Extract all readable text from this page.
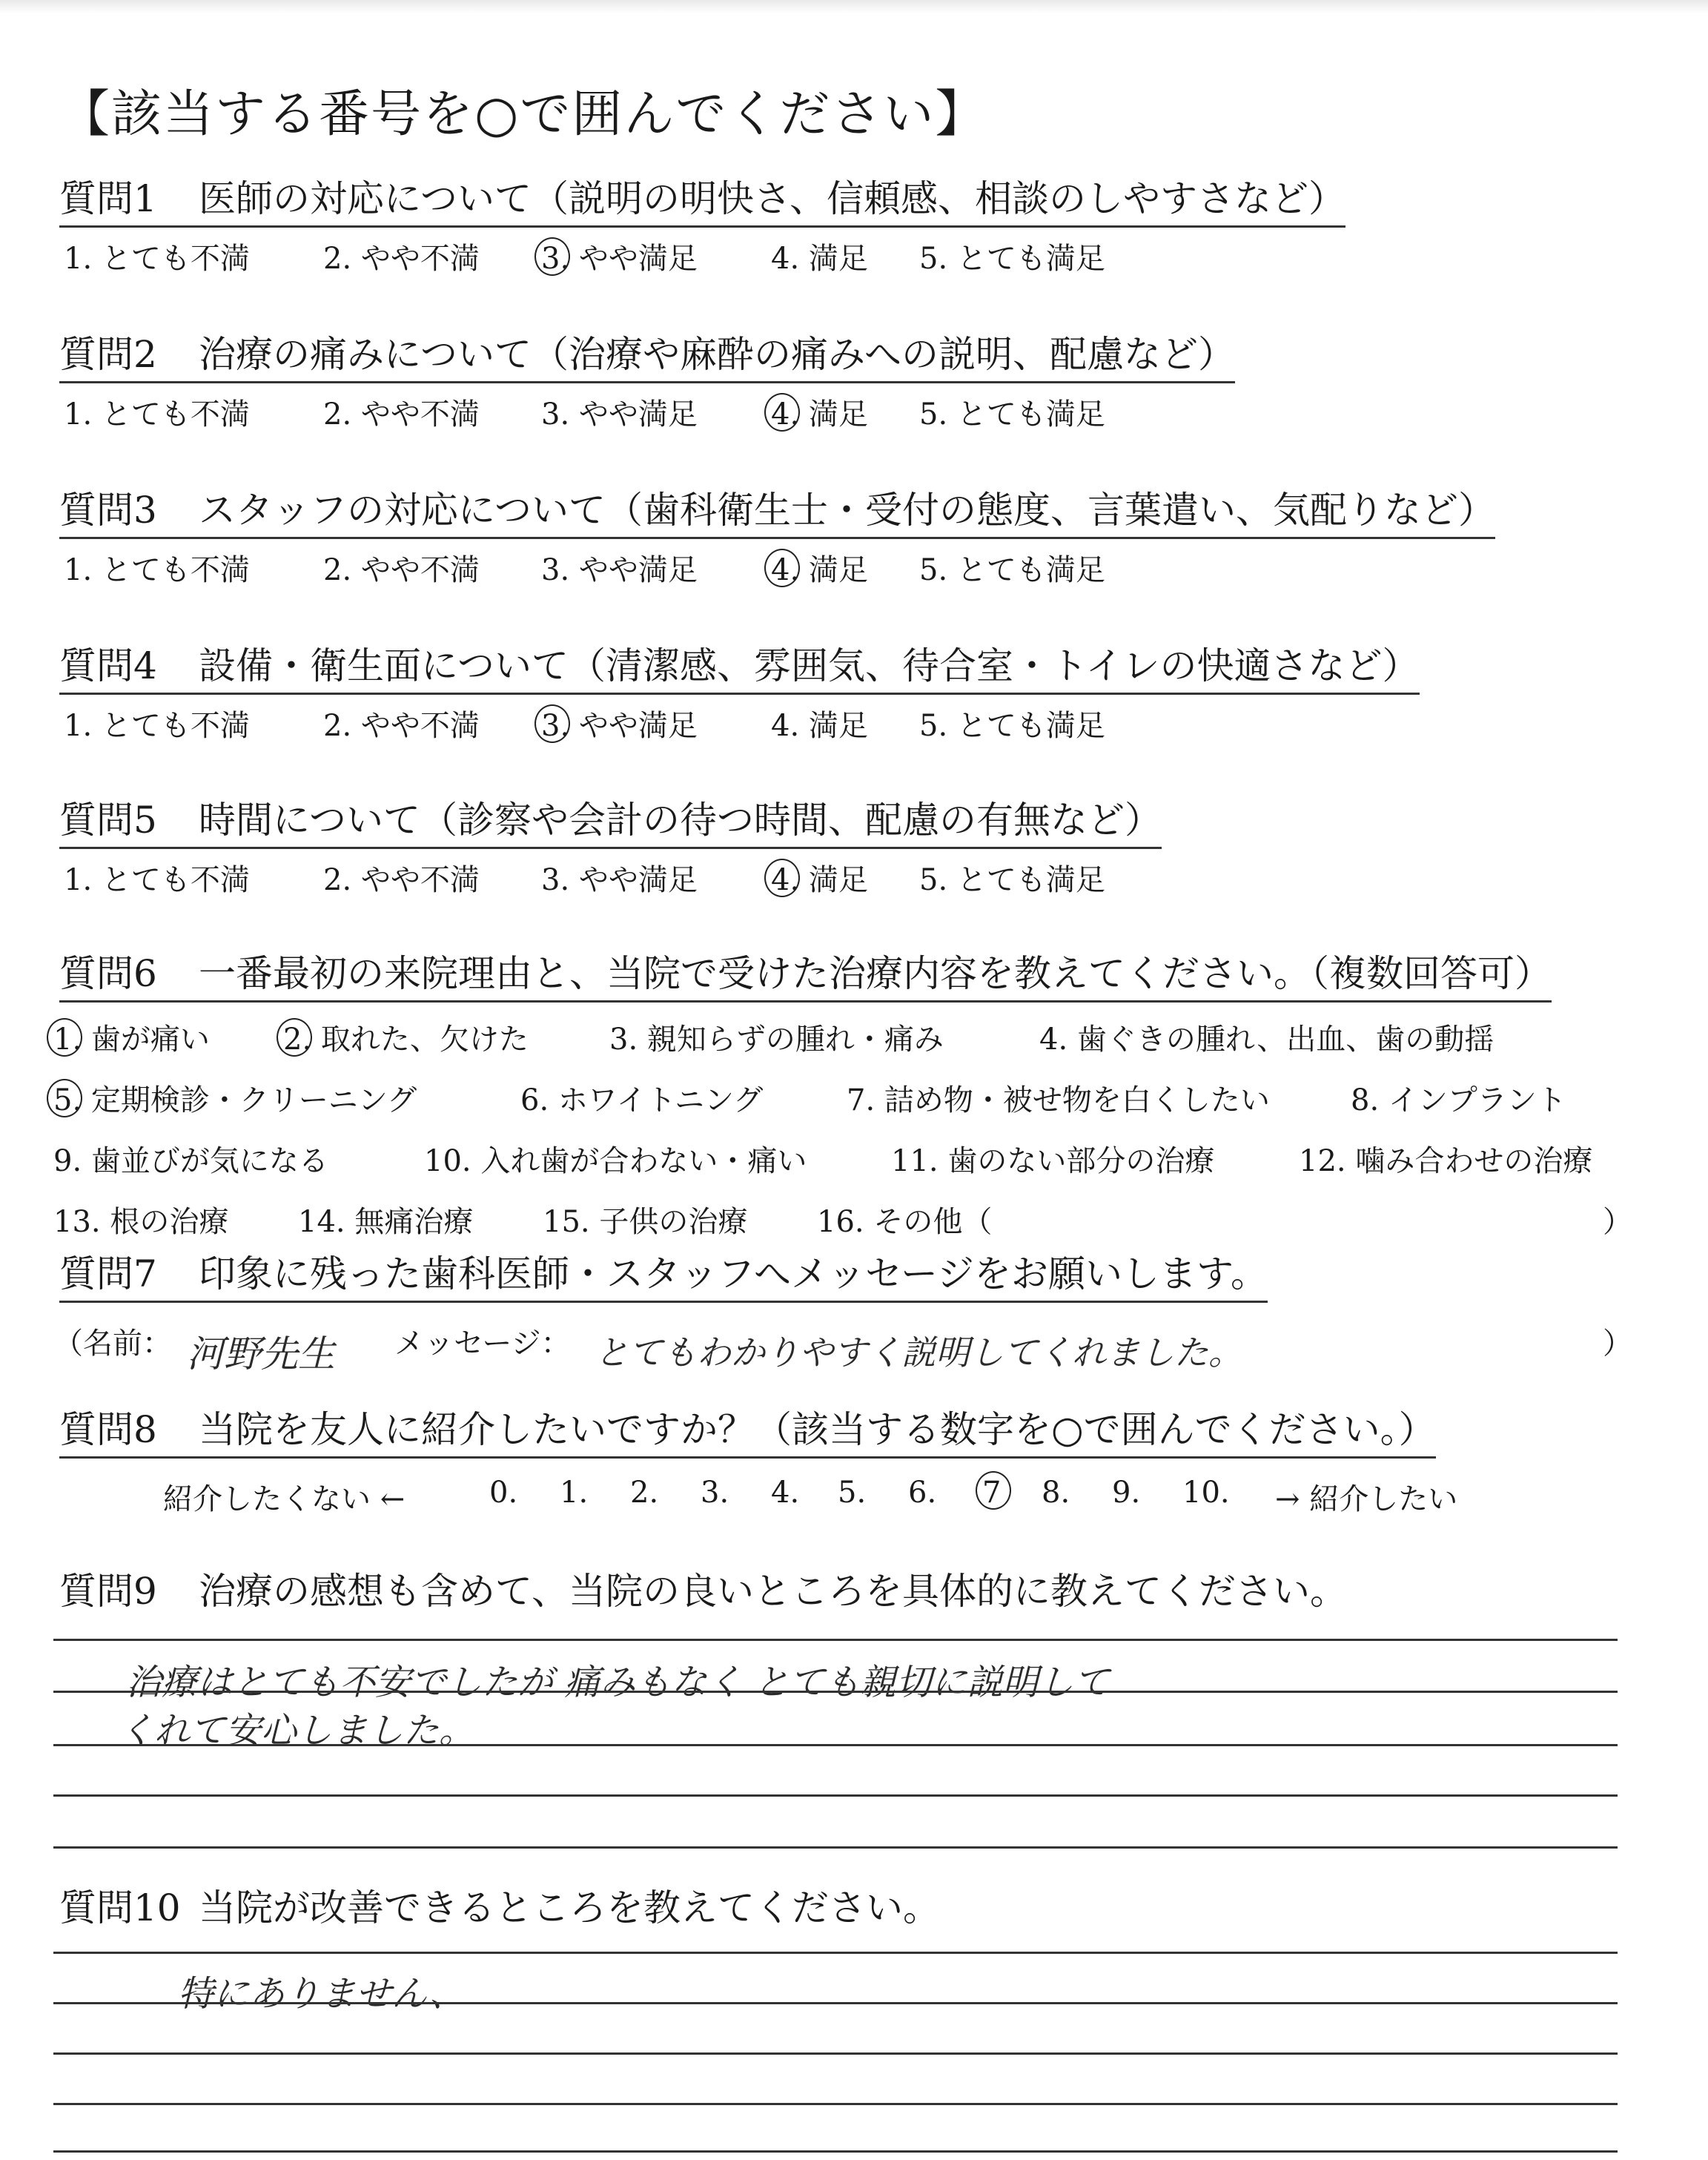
【該当する番号を○で囲んでください】
質問1 医師の対応について（説明の明快さ、信頼感、相談のしやすさなど）
1. とても不満 2. やや不満 3. やや満足 4. 満足 5. とても満足
質問2 治療の痛みについて（治療や麻酔の痛みへの説明、配慮など）
1. とても不満 2. やや不満 3. やや満足 4. 満足 5. とても満足
質問3 スタッフの対応について（歯科衛生士・受付の態度、言葉遣い、気配りなど）
1. とても不満 2. やや不満 3. やや満足 4. 満足 5. とても満足
質問4 設備・衛生面について（清潔感、雰囲気、待合室・トイレの快適さなど）
1. とても不満 2. やや不満 3. やや満足 4. 満足 5. とても満足
質問5 時間について（診察や会計の待つ時間、配慮の有無など）
1. とても不満 2. やや不満 3. やや満足 4. 満足 5. とても満足
質問6 一番最初の来院理由と、当院で受けた治療内容を教えてください。（複数回答可）
1. 歯が痛い 2. 取れた、欠けた	3. 親知らずの腫れ・痛み	4. 歯ぐきの腫れ、出血、歯の動揺
5. 定期検診・クリーニング	6. ホワイトニング	7. 詰め物・被せ物を白くしたい	8. インプラント
9. 歯並びが気になる	10. 入れ歯が合わない・痛い	11. 歯のない部分の治療	12. 噛み合わせの治療
13. 根の治療 14. 無痛治療 15. 子供の治療 16. その他（	）
質問7 印象に残った歯科医師・スタッフへメッセージをお願いします。
（名前： 河野先生 メッセージ： とてもわかりやすく説明してくれました。	）
質問8 当院を友人に紹介したいですか？（該当する数字を○で囲んでください。）
紹介したくない ←	0. 1. 2. 3. 4. 5. 6. 7 8. 9. 10. → 紹介したい
質問9 治療の感想も含めて、当院の良いところを具体的に教えてください。
治療はとても不安でしたが 痛みもなく とても親切に説明して
くれて安心しました。
質問10 当院が改善できるところを教えてください。
特にありません、
